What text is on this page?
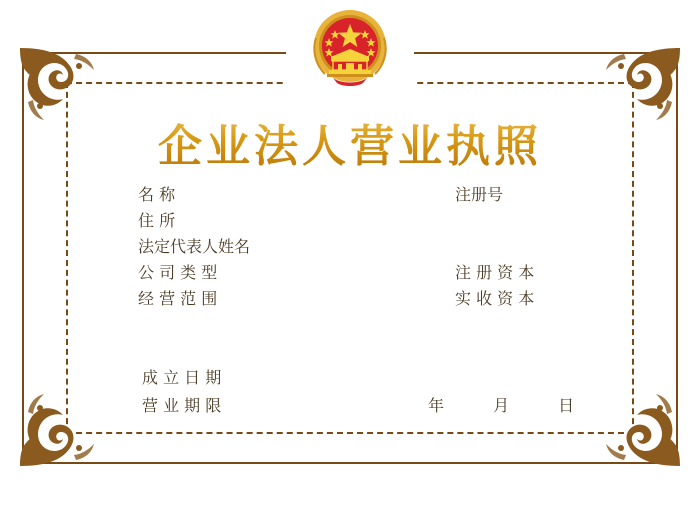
企业法人营业执照
名 称	注册号
住 所
法定代表人姓名
公 司 类 型	注 册 资 本
经 营 范 围	实 收 资 本
成 立 日 期
营 业 期 限	年 月 日
